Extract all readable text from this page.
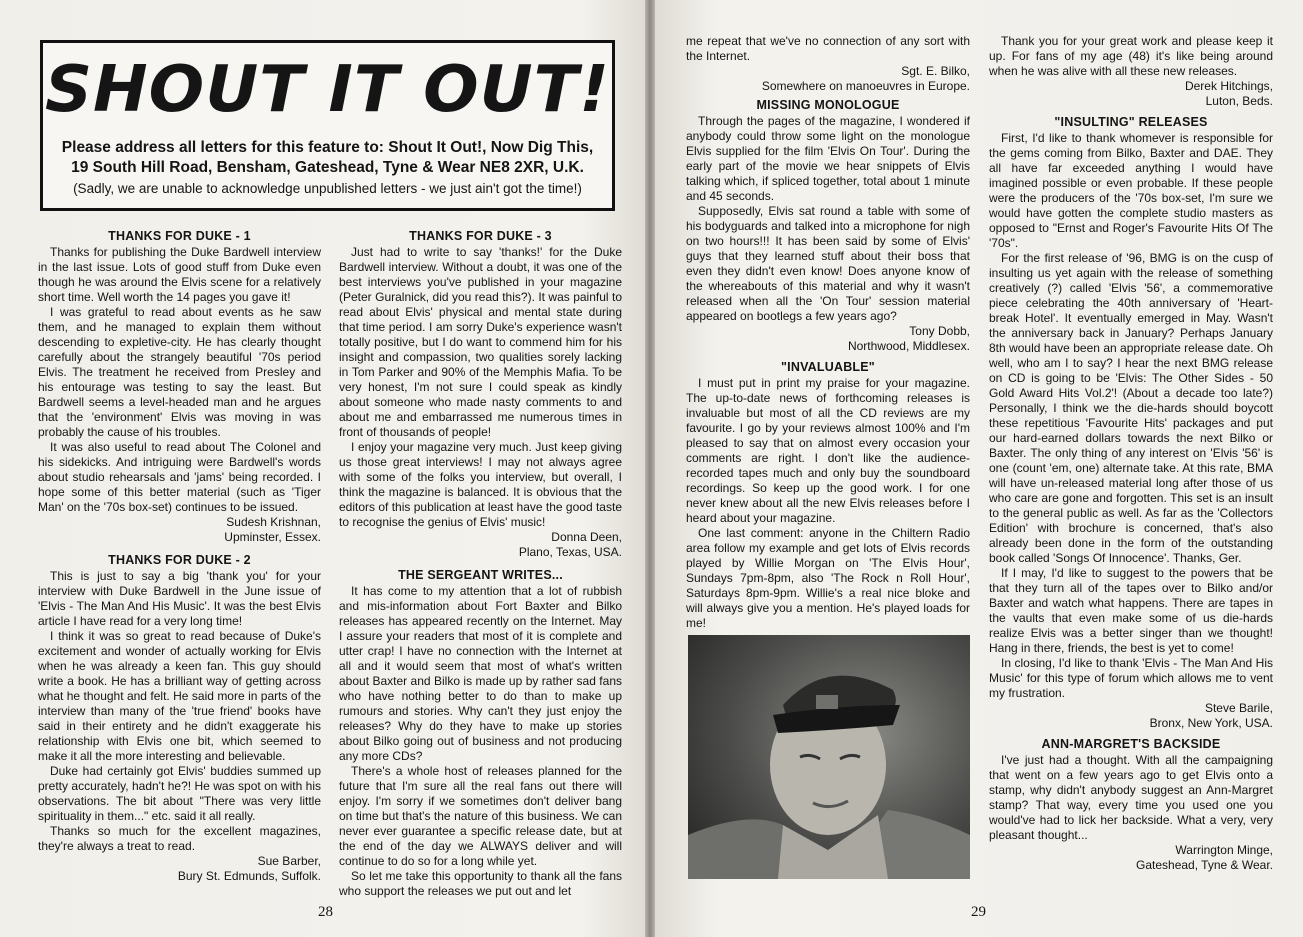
SHOUT IT OUT!
Please address all letters for this feature to: Shout It Out!, Now Dig This,
19 South Hill Road, Bensham, Gateshead, Tyne & Wear NE8 2XR, U.K.
(Sadly, we are unable to acknowledge unpublished letters - we just ain't got the time!)
THANKS FOR DUKE - 1

Thanks for publishing the Duke Bardwell interview in the last issue. Lots of good stuff from Duke even though he was around the Elvis scene for a relatively short time. Well worth the 14 pages you gave it!

I was grateful to read about events as he saw them, and he managed to explain them without descending to expletive-city. He has clearly thought carefully about the strangely beautiful '70s period Elvis. The treatment he received from Presley and his entourage was testing to say the least. But Bardwell seems a level-headed man and he argues that the 'environment' Elvis was moving in was probably the cause of his troubles.

It was also useful to read about The Colonel and his sidekicks. And intriguing were Bardwell's words about studio rehearsals and 'jams' being recorded. I hope some of this better material (such as 'Tiger Man' on the '70s box-set) continues to be issued.

Sudesh Krishnan,

Upminster, Essex.

THANKS FOR DUKE - 2

This is just to say a big 'thank you' for your interview with Duke Bardwell in the June issue of 'Elvis - The Man And His Music'. It was the best Elvis article I have read for a very long time!

I think it was so great to read because of Duke's excitement and wonder of actually working for Elvis when he was already a keen fan. This guy should write a book. He has a brilliant way of getting across what he thought and felt. He said more in parts of the interview than many of the 'true friend' books have said in their entirety and he didn't exaggerate his relationship with Elvis one bit, which seemed to make it all the more interesting and believable.

Duke had certainly got Elvis' buddies summed up pretty accurately, hadn't he?! He was spot on with his observations. The bit about "There was very little spirituality in them..." etc. said it all really.

Thanks so much for the excellent magazines, they're always a treat to read.

Sue Barber,

Bury St. Edmunds, Suffolk.

THANKS FOR DUKE - 3

Just had to write to say 'thanks!' for the Duke Bardwell interview. Without a doubt, it was one of the best interviews you've published in your magazine (Peter Guralnick, did you read this?). It was painful to read about Elvis' physical and mental state during that time period. I am sorry Duke's experience wasn't totally positive, but I do want to commend him for his insight and compassion, two qualities sorely lacking in Tom Parker and 90% of the Memphis Mafia. To be very honest, I'm not sure I could speak as kindly about someone who made nasty comments to and about me and embarrassed me numerous times in front of thousands of people!

I enjoy your magazine very much. Just keep giving us those great interviews! I may not always agree with some of the folks you interview, but overall, I think the magazine is balanced. It is obvious that the editors of this publication at least have the good taste to recognise the genius of Elvis' music!

Donna Deen,

Plano, Texas, USA.

THE SERGEANT WRITES...

It has come to my attention that a lot of rubbish and mis-information about Fort Baxter and Bilko releases has appeared recently on the Internet. May I assure your readers that most of it is complete and utter crap! I have no connection with the Internet at all and it would seem that most of what's written about Baxter and Bilko is made up by rather sad fans who have nothing better to do than to make up rumours and stories. Why can't they just enjoy the releases? Why do they have to make up stories about Bilko going out of business and not producing any more CDs?

There's a whole host of releases planned for the future that I'm sure all the real fans out there will enjoy. I'm sorry if we sometimes don't deliver bang on time but that's the nature of this business. We can never ever guarantee a specific release date, but at the end of the day we ALWAYS deliver and will continue to do so for a long while yet.

So let me take this opportunity to thank all the fans who support the releases we put out and let

me repeat that we've no connection of any sort with the Internet.

Sgt. E. Bilko,

Somewhere on manoeuvres in Europe.

MISSING MONOLOGUE

Through the pages of the magazine, I wondered if anybody could throw some light on the monologue Elvis supplied for the film 'Elvis On Tour'. During the early part of the movie we hear snippets of Elvis talking which, if spliced together, total about 1 minute and 45 seconds.

Supposedly, Elvis sat round a table with some of his bodyguards and talked into a microphone for nigh on two hours!!! It has been said by some of Elvis' guys that they learned stuff about their boss that even they didn't even know! Does anyone know of the whereabouts of this material and why it wasn't released when all the 'On Tour' session material appeared on bootlegs a few years ago?

Tony Dobb,

Northwood, Middlesex.

"INVALUABLE"

I must put in print my praise for your magazine. The up-to-date news of forthcoming releases is invaluable but most of all the CD reviews are my favourite. I go by your reviews almost 100% and I'm pleased to say that on almost every occasion your comments are right. I don't like the audience-recorded tapes much and only buy the soundboard recordings. So keep up the good work. I for one never knew about all the new Elvis releases before I heard about your magazine.

One last comment: anyone in the Chiltern Radio area follow my example and get lots of Elvis records played by Willie Morgan on 'The Elvis Hour', Sundays 7pm-8pm, also 'The Rock n Roll Hour', Saturdays 8pm-9pm. Willie's a real nice bloke and will always give you a mention. He's played loads for me!

Thank you for your great work and please keep it up. For fans of my age (48) it's like being around when he was alive with all these new releases.

Derek Hitchings,

Luton, Beds.

"INSULTING" RELEASES

First, I'd like to thank whomever is responsible for the gems coming from Bilko, Baxter and DAE. They all have far exceeded anything I would have imagined possible or even probable. If these people were the producers of the '70s box-set, I'm sure we would have gotten the complete studio masters as opposed to "Ernst and Roger's Favourite Hits Of The '70s".

For the first release of '96, BMG is on the cusp of insulting us yet again with the release of something creatively (?) called 'Elvis '56', a commemorative piece celebrating the 40th anniversary of 'Heart-break Hotel'. It eventually emerged in May. Wasn't the anniversary back in January? Perhaps January 8th would have been an appropriate release date. Oh well, who am I to say? I hear the next BMG release on CD is going to be 'Elvis: The Other Sides - 50 Gold Award Hits Vol.2'! (About a decade too late?) Personally, I think we the die-hards should boycott these repetitious 'Favourite Hits' packages and put our hard-earned dollars towards the next Bilko or Baxter. The only thing of any interest on 'Elvis '56' is one (count 'em, one) alternate take. At this rate, BMA will have un-released material long after those of us who care are gone and forgotten. This set is an insult to the general public as well. As far as the 'Collectors Edition' with brochure is concerned, that's also already been done in the form of the outstanding book called 'Songs Of Innocence'. Thanks, Ger.

If I may, I'd like to suggest to the powers that be that they turn all of the tapes over to Bilko and/or Baxter and watch what happens. There are tapes in the vaults that even make some of us die-hards realize Elvis was a better singer than we thought! Hang in there, friends, the best is yet to come!

In closing, I'd like to thank 'Elvis - The Man And His Music' for this type of forum which allows me to vent my frustration.

Steve Barile,

Bronx, New York, USA.

ANN-MARGRET'S BACKSIDE

I've just had a thought. With all the campaigning that went on a few years ago to get Elvis onto a stamp, why didn't anybody suggest an Ann-Margret stamp? That way, every time you used one you would've had to lick her backside. What a very, very pleasant thought...

Warrington Minge,

Gateshead, Tyne & Wear.

28	29
